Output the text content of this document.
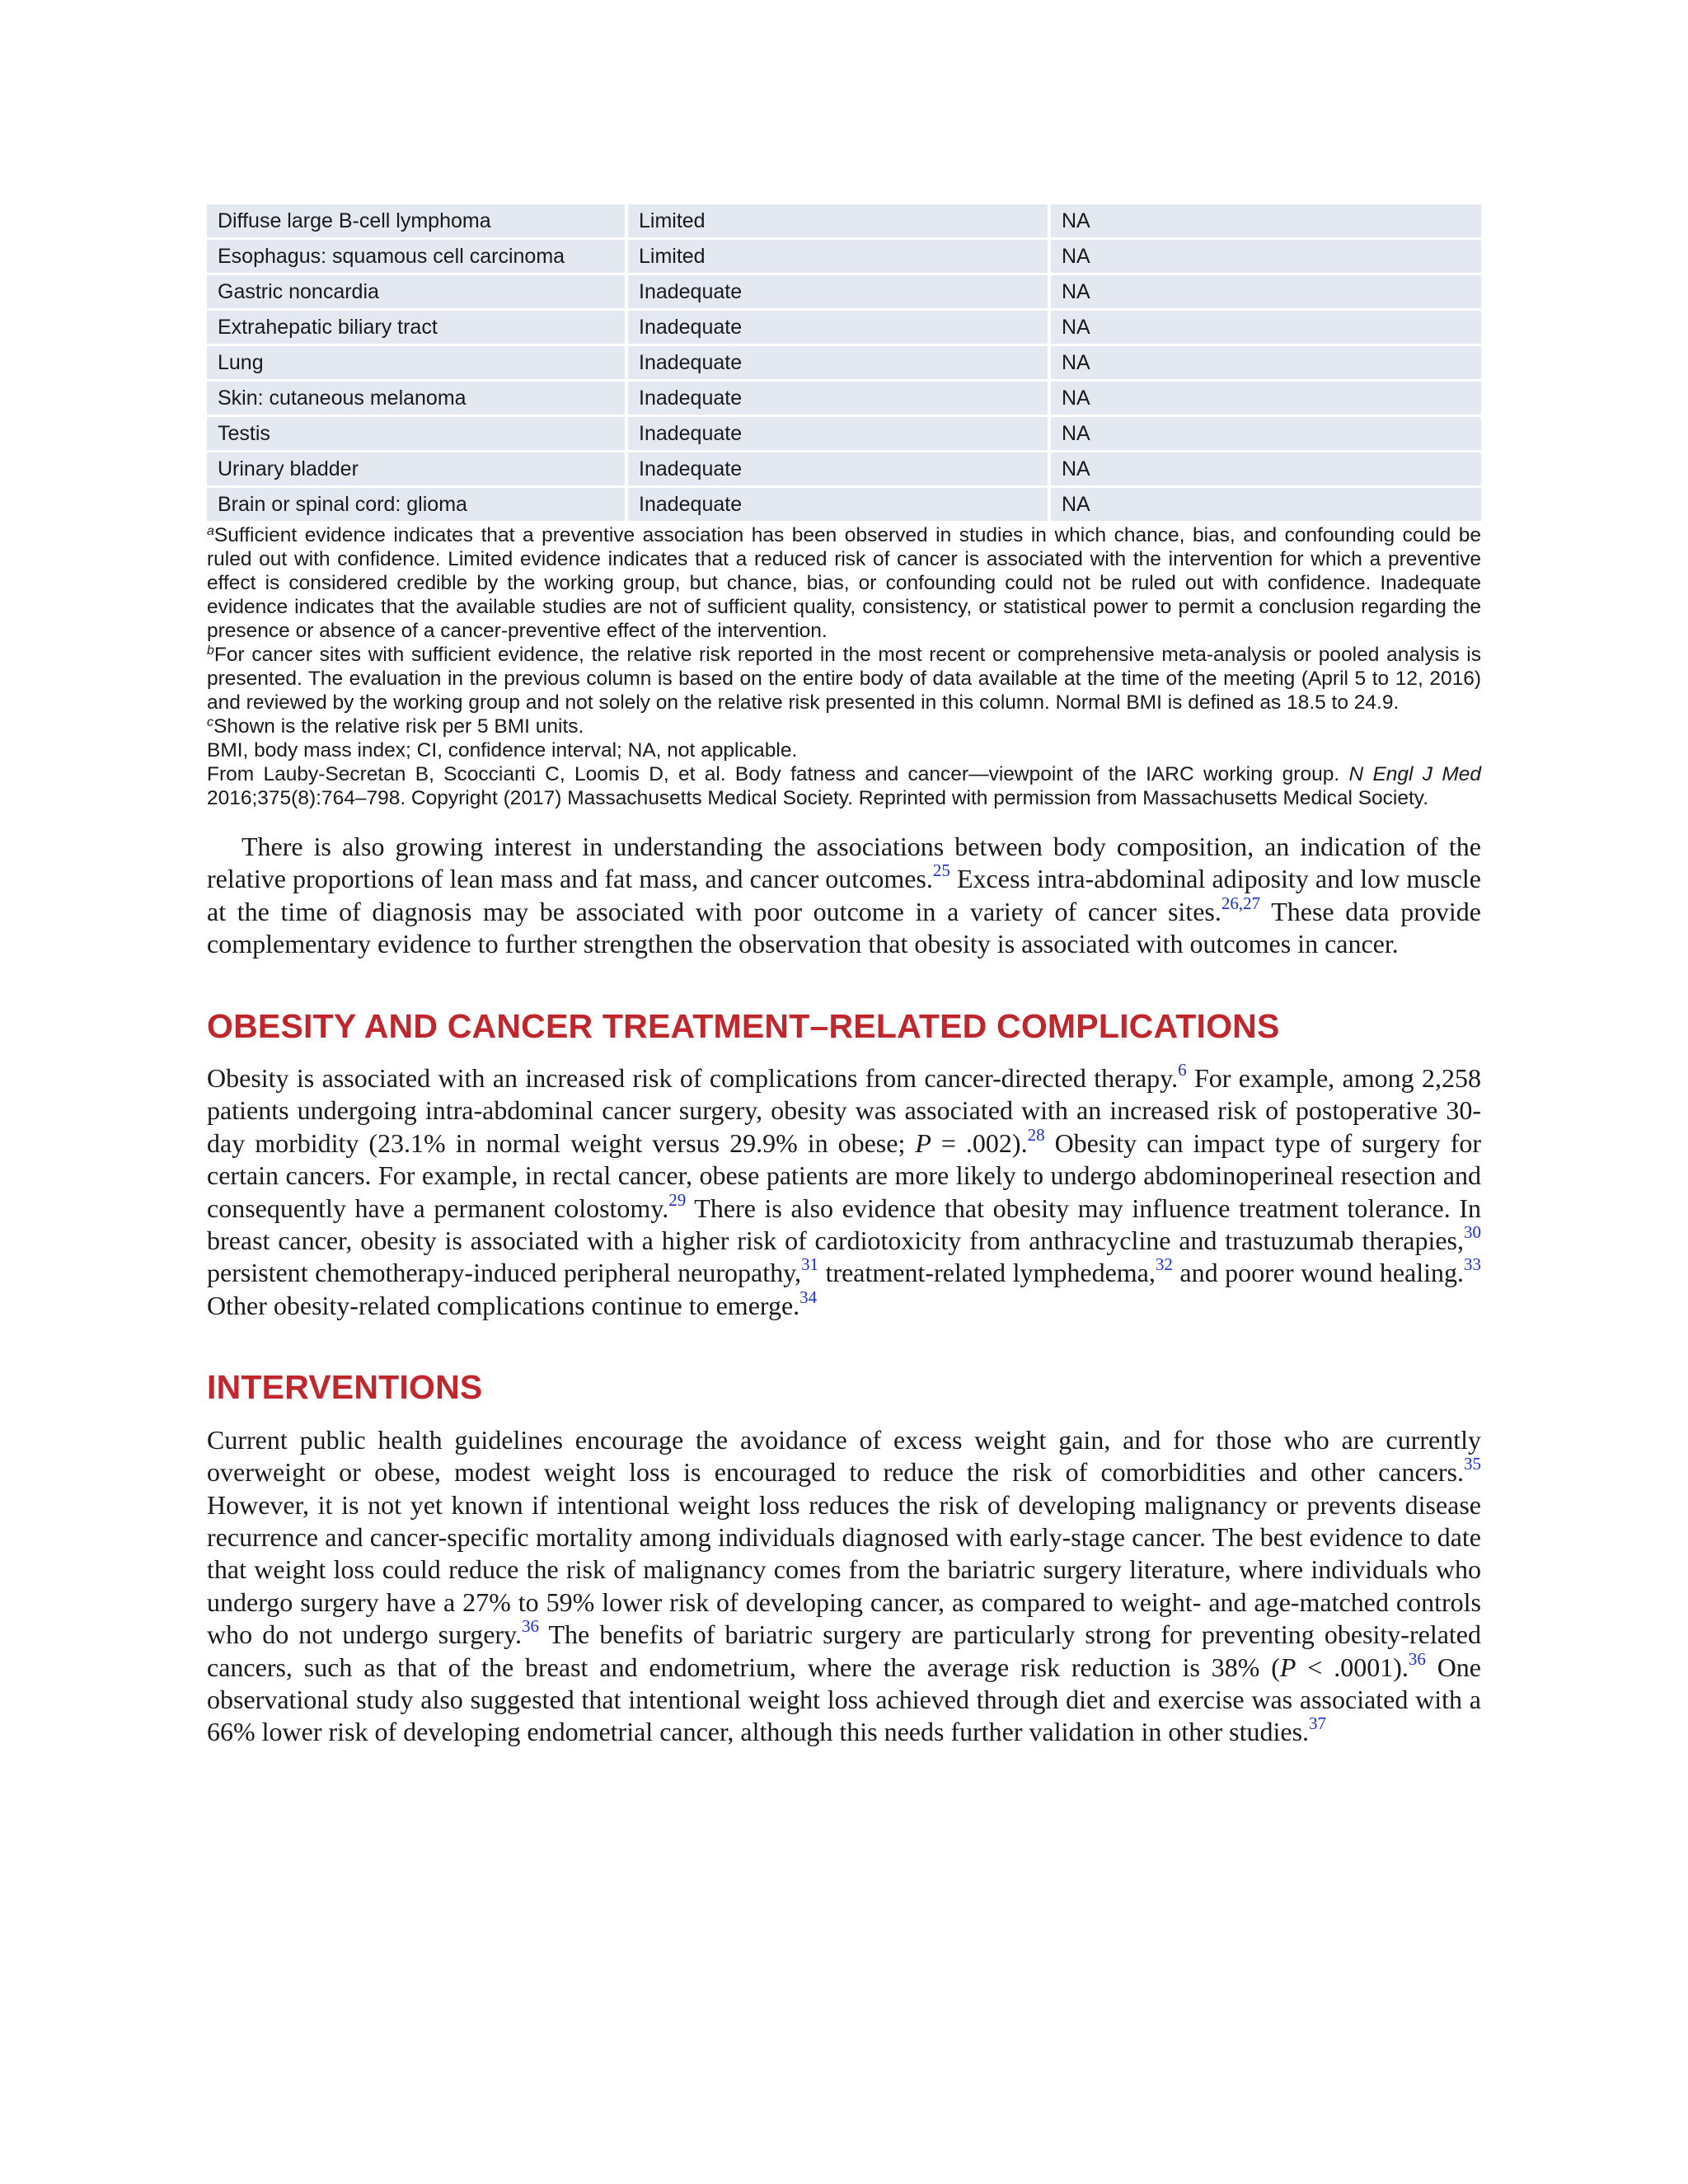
Diffuse large B-cell lymphoma	Limited	NA
Esophagus: squamous cell carcinoma	Limited	NA
Gastric noncardia	Inadequate	NA
Extrahepatic biliary tract	Inadequate	NA
Lung	Inadequate	NA
Skin: cutaneous melanoma	Inadequate	NA
Testis	Inadequate	NA
Urinary bladder	Inadequate	NA
Brain or spinal cord: glioma	Inadequate	NA

$^a$Sufficient evidence indicates that a preventive association has been observed in studies in which chance, bias, and confounding could be ruled out with confidence. Limited evidence indicates that a reduced risk of cancer is associated with the intervention for which a preventive effect is considered credible by the working group, but chance, bias, or confounding could not be ruled out with confidence. Inadequate evidence indicates that the available studies are not of sufficient quality, consistency, or statistical power to permit a conclusion regarding the presence or absence of a cancer-preventive effect of the intervention.

$^b$For cancer sites with sufficient evidence, the relative risk reported in the most recent or comprehensive meta-analysis or pooled analysis is presented. The evaluation in the previous column is based on the entire body of data available at the time of the meeting (April 5 to 12, 2016) and reviewed by the working group and not solely on the relative risk presented in this column. Normal BMI is defined as 18.5 to 24.9.

$^c$Shown is the relative risk per 5 BMI units.

BMI, body mass index; CI, confidence interval; NA, not applicable.

From Lauby-Secretan B, Scoccianti C, Loomis D, et al. Body fatness and cancer—viewpoint of the IARC working group. N Engl J Med 2016;375(8):764–798. Copyright (2017) Massachusetts Medical Society. Reprinted with permission from Massachusetts Medical Society.

There is also growing interest in understanding the associations between body composition, an indication of the relative proportions of lean mass and fat mass, and cancer outcomes.$^{25}$ Excess intra-abdominal adiposity and low muscle at the time of diagnosis may be associated with poor outcome in a variety of cancer sites.$^{26,27}$ These data provide complementary evidence to further strengthen the observation that obesity is associated with outcomes in cancer.

OBESITY AND CANCER TREATMENT–RELATED COMPLICATIONS

Obesity is associated with an increased risk of complications from cancer-directed therapy.$^6$ For example, among 2,258 patients undergoing intra-abdominal cancer surgery, obesity was associated with an increased risk of postoperative 30-day morbidity (23.1% in normal weight versus 29.9% in obese; P = .002).$^{28}$ Obesity can impact type of surgery for certain cancers. For example, in rectal cancer, obese patients are more likely to undergo abdominoperineal resection and consequently have a permanent colostomy.$^{29}$ There is also evidence that obesity may influence treatment tolerance. In breast cancer, obesity is associated with a higher risk of cardiotoxicity from anthracycline and trastuzumab therapies,$^{30}$ persistent chemotherapy-induced peripheral neuropathy,$^{31}$ treatment-related lymphedema,$^{32}$ and poorer wound healing.$^{33}$ Other obesity-related complications continue to emerge.$^{34}$

INTERVENTIONS

Current public health guidelines encourage the avoidance of excess weight gain, and for those who are currently overweight or obese, modest weight loss is encouraged to reduce the risk of comorbidities and other cancers.$^{35}$ However, it is not yet known if intentional weight loss reduces the risk of developing malignancy or prevents disease recurrence and cancer-specific mortality among individuals diagnosed with early-stage cancer. The best evidence to date that weight loss could reduce the risk of malignancy comes from the bariatric surgery literature, where individuals who undergo surgery have a 27% to 59% lower risk of developing cancer, as compared to weight- and age-matched controls who do not undergo surgery.$^{36}$ The benefits of bariatric surgery are particularly strong for preventing obesity-related cancers, such as that of the breast and endometrium, where the average risk reduction is 38% (P < .0001).$^{36}$ One observational study also suggested that intentional weight loss achieved through diet and exercise was associated with a 66% lower risk of developing endometrial cancer, although this needs further validation in other studies.$^{37}$
